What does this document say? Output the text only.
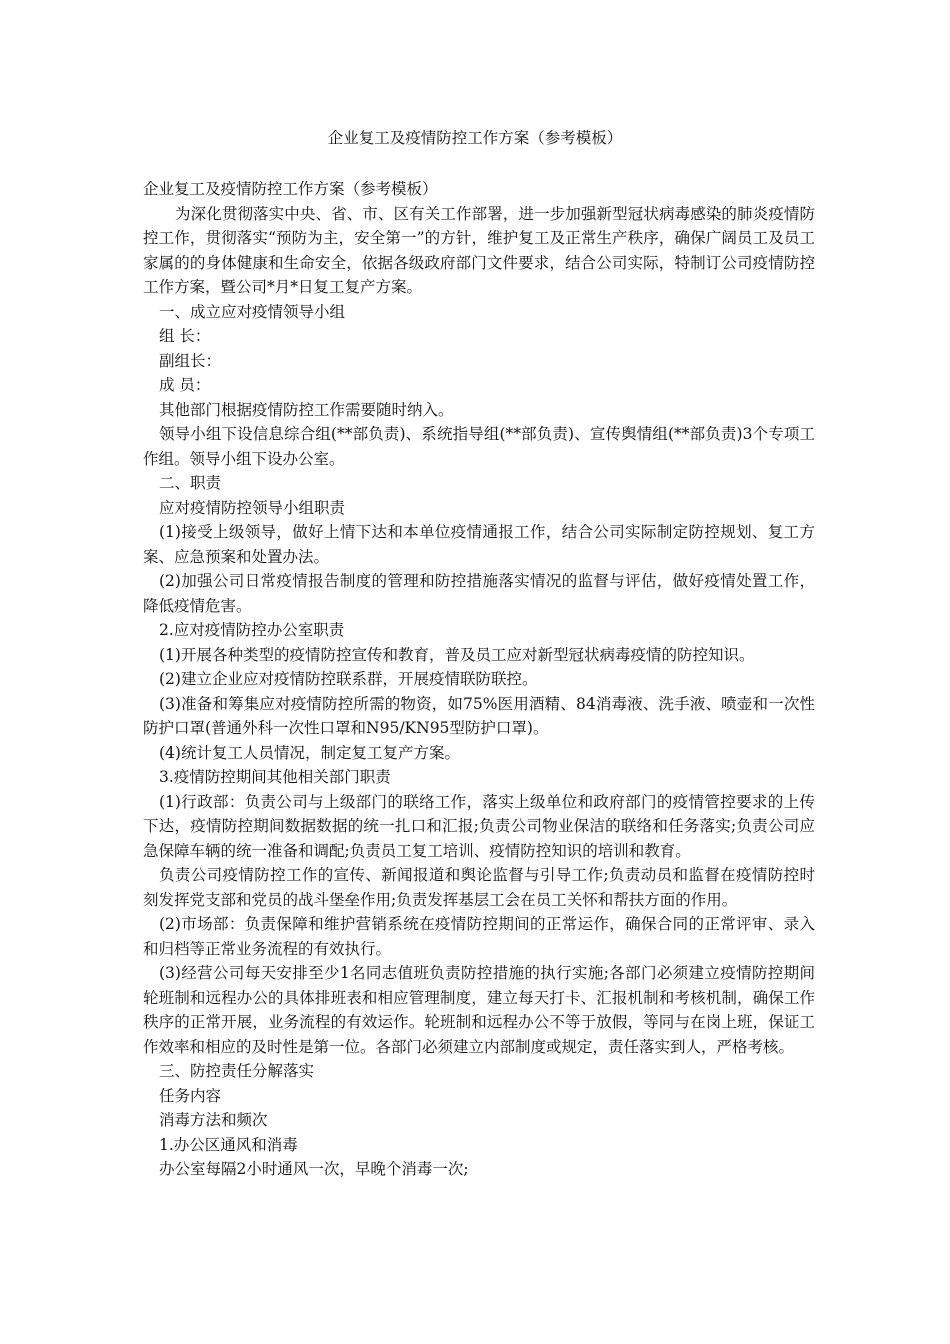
企业复工及疫情防控工作方案（参考模板）

企业复工及疫情防控工作方案（参考模板）

为深化贯彻落实中央、省、市、区有关工作部署，进一步加强新型冠状病毒感染的肺炎疫情防控工作，贯彻落实“预防为主，安全第一”的方针，维护复工及正常生产秩序，确保广阔员工及员工家属的的身体健康和生命安全，依据各级政府部门文件要求，结合公司实际，特制订公司疫情防控工作方案，暨公司*月*日复工复产方案。

一、成立应对疫情领导小组

组 长：

副组长：

成 员：

其他部门根据疫情防控工作需要随时纳入。

领导小组下设信息综合组(**部负责)、系统指导组(**部负责)、宣传舆情组(**部负责)3个专项工作组。领导小组下设办公室。

二、职责

应对疫情防控领导小组职责

(1)接受上级领导，做好上情下达和本单位疫情通报工作，结合公司实际制定防控规划、复工方案、应急预案和处置办法。

(2)加强公司日常疫情报告制度的管理和防控措施落实情况的监督与评估，做好疫情处置工作，降低疫情危害。

2.应对疫情防控办公室职责

(1)开展各种类型的疫情防控宣传和教育，普及员工应对新型冠状病毒疫情的防控知识。

(2)建立企业应对疫情防控联系群，开展疫情联防联控。

(3)准备和筹集应对疫情防控所需的物资，如75%医用酒精、84消毒液、洗手液、喷壶和一次性防护口罩(普通外科一次性口罩和N95/KN95型防护口罩)。

(4)统计复工人员情况，制定复工复产方案。

3.疫情防控期间其他相关部门职责

(1)行政部：负责公司与上级部门的联络工作，落实上级单位和政府部门的疫情管控要求的上传下达，疫情防控期间数据数据的统一扎口和汇报;负责公司物业保洁的联络和任务落实;负责公司应急保障车辆的统一准备和调配;负责员工复工培训、疫情防控知识的培训和教育。

负责公司疫情防控工作的宣传、新闻报道和舆论监督与引导工作;负责动员和监督在疫情防控时刻发挥党支部和党员的战斗堡垒作用;负责发挥基层工会在员工关怀和帮扶方面的作用。

(2)市场部：负责保障和维护营销系统在疫情防控期间的正常运作，确保合同的正常评审、录入和归档等正常业务流程的有效执行。

(3)经营公司每天安排至少1名同志值班负责防控措施的执行实施;各部门必须建立疫情防控期间轮班制和远程办公的具体排班表和相应管理制度，建立每天打卡、汇报机制和考核机制，确保工作秩序的正常开展，业务流程的有效运作。轮班制和远程办公不等于放假，等同与在岗上班，保证工作效率和相应的及时性是第一位。各部门必须建立内部制度或规定，责任落实到人，严格考核。

三、防控责任分解落实

任务内容

消毒方法和频次

1.办公区通风和消毒

办公室每隔2小时通风一次，早晚个消毒一次;
